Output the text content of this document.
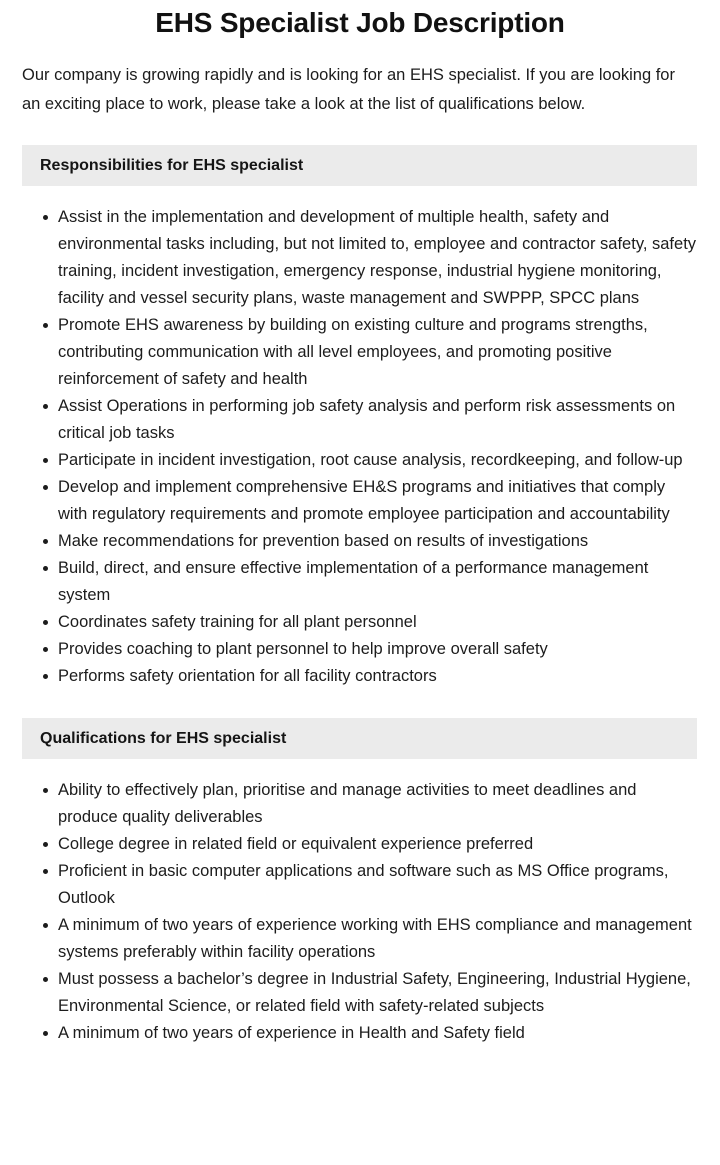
EHS Specialist Job Description

Our company is growing rapidly and is looking for an EHS specialist. If you are looking for an exciting place to work, please take a look at the list of qualifications below.

Responsibilities for EHS specialist
Assist in the implementation and development of multiple health, safety and environmental tasks including, but not limited to, employee and contractor safety, safety training, incident investigation, emergency response, industrial hygiene monitoring, facility and vessel security plans, waste management and SWPPP, SPCC plans
Promote EHS awareness by building on existing culture and programs strengths, contributing communication with all level employees, and promoting positive reinforcement of safety and health
Assist Operations in performing job safety analysis and perform risk assessments on critical job tasks
Participate in incident investigation, root cause analysis, recordkeeping, and follow-up
Develop and implement comprehensive EH&S programs and initiatives that comply with regulatory requirements and promote employee participation and accountability
Make recommendations for prevention based on results of investigations
Build, direct, and ensure effective implementation of a performance management system
Coordinates safety training for all plant personnel
Provides coaching to plant personnel to help improve overall safety
Performs safety orientation for all facility contractors
Qualifications for EHS specialist
Ability to effectively plan, prioritise and manage activities to meet deadlines and produce quality deliverables
College degree in related field or equivalent experience preferred
Proficient in basic computer applications and software such as MS Office programs, Outlook
A minimum of two years of experience working with EHS compliance and management systems preferably within facility operations
Must possess a bachelor’s degree in Industrial Safety, Engineering, Industrial Hygiene, Environmental Science, or related field with safety-related subjects
A minimum of two years of experience in Health and Safety field
